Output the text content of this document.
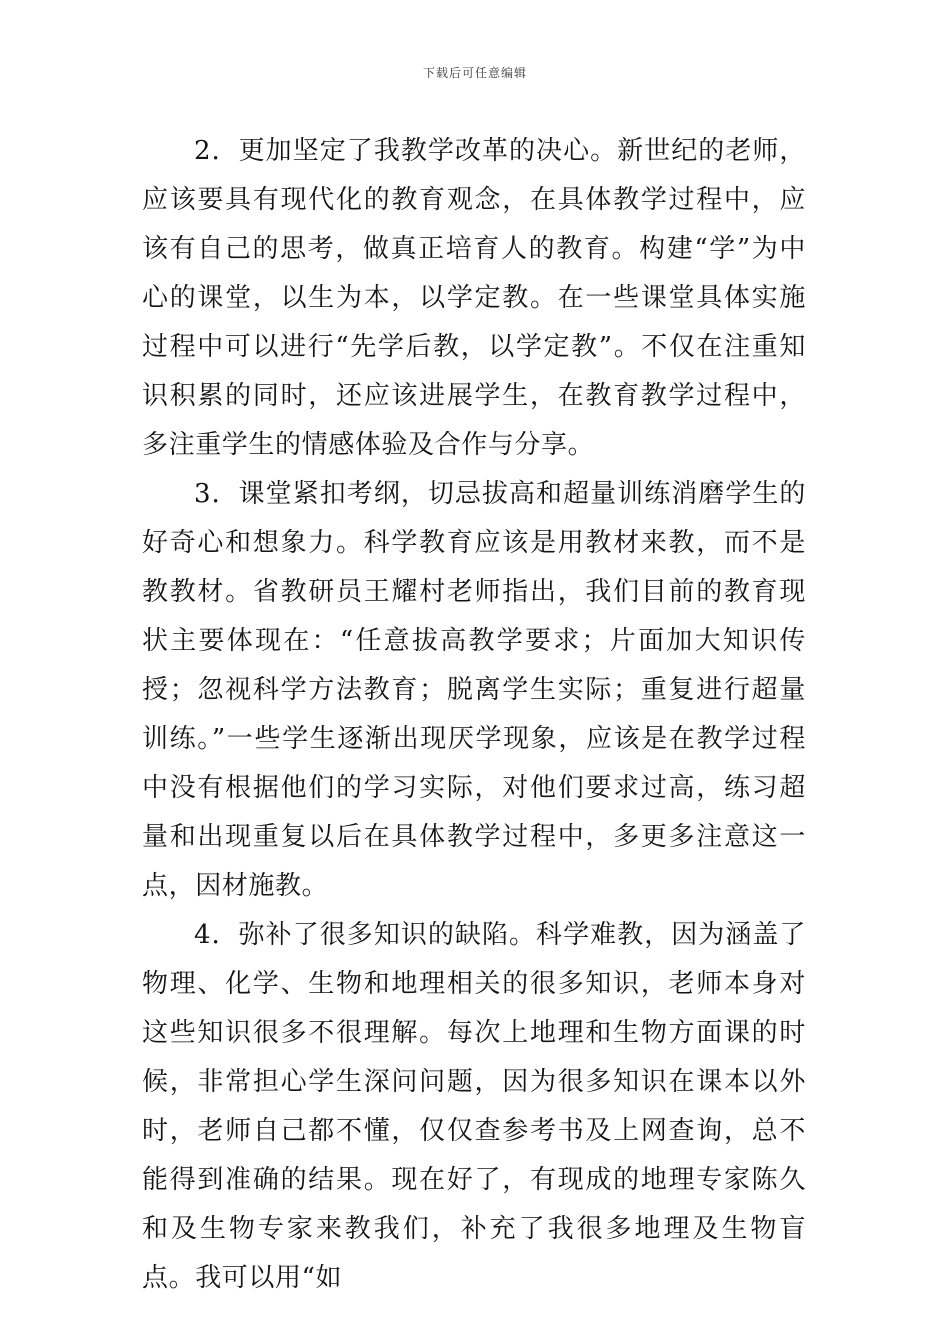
下载后可任意编辑

2．更加坚定了我教学改革的决心。新世纪的老师，应该要具有现代化的教育观念，在具体教学过程中，应该有自己的思考，做真正培育人的教育。构建“学”为中心的课堂，以生为本，以学定教。在一些课堂具体实施过程中可以进行“先学后教，以学定教”。不仅在注重知识积累的同时，还应该进展学生，在教育教学过程中，多注重学生的情感体验及合作与分享。

3．课堂紧扣考纲，切忌拔高和超量训练消磨学生的好奇心和想象力。科学教育应该是用教材来教，而不是教教材。省教研员王耀村老师指出，我们目前的教育现状主要体现在：“任意拔高教学要求；片面加大知识传授；忽视科学方法教育；脱离学生实际；重复进行超量训练。”一些学生逐渐出现厌学现象，应该是在教学过程中没有根据他们的学习实际，对他们要求过高，练习超量和出现重复以后在具体教学过程中，多更多注意这一点，因材施教。

4．弥补了很多知识的缺陷。科学难教，因为涵盖了物理、化学、生物和地理相关的很多知识，老师本身对这些知识很多不很理解。每次上地理和生物方面课的时候，非常担心学生深问问题，因为很多知识在课本以外时，老师自己都不懂，仅仅查参考书及上网查询，总不能得到准确的结果。现在好了，有现成的地理专家陈久和及生物专家来教我们，补充了我很多地理及生物盲点。我可以用“如
